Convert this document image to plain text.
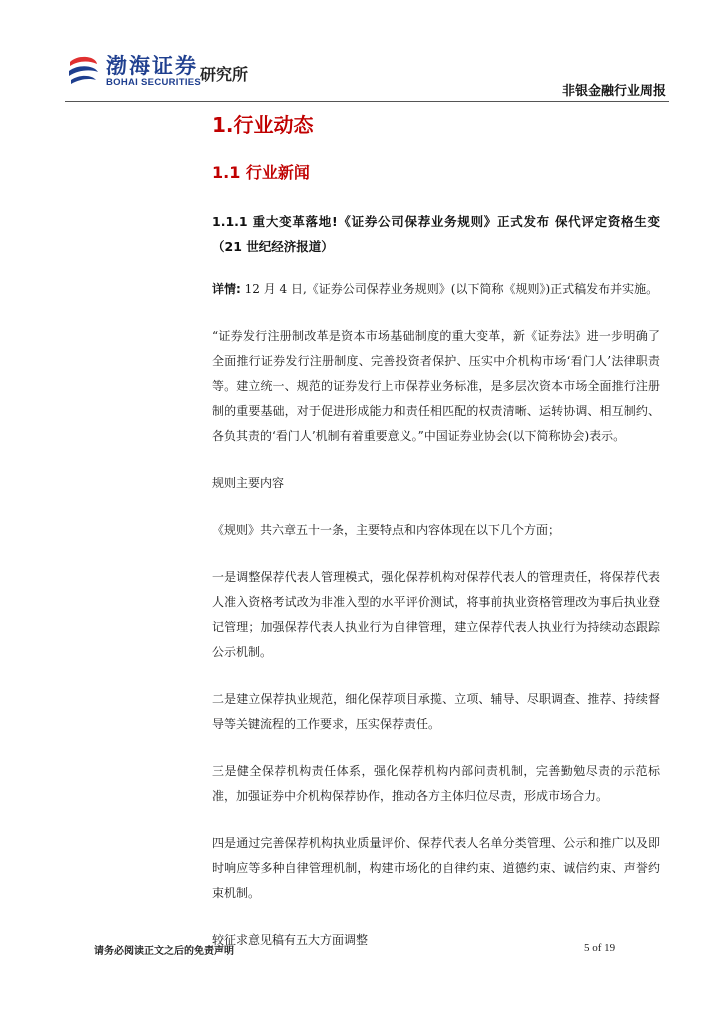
渤海证券
BOHAI SECURITIES
研究所
非银金融行业周报
1.行业动态
1.1 行业新闻
1.1.1 重大变革落地!《证券公司保荐业务规则》正式发布 保代评定资格生变（21 世纪经济报道）

详情: 12 月 4 日,《证券公司保荐业务规则》(以下简称《规则》)正式稿发布并实施。

“证券发行注册制改革是资本市场基础制度的重大变革，新《证券法》进一步明确了全面推行证券发行注册制度、完善投资者保护、压实中介机构市场‘看门人’法律职责等。建立统一、规范的证券发行上市保荐业务标准，是多层次资本市场全面推行注册制的重要基础，对于促进形成能力和责任相匹配的权责清晰、运转协调、相互制约、各负其责的‘看门人’机制有着重要意义。”中国证券业协会(以下简称协会)表示。

规则主要内容

《规则》共六章五十一条，主要特点和内容体现在以下几个方面；

一是调整保荐代表人管理模式，强化保荐机构对保荐代表人的管理责任，将保荐代表人准入资格考试改为非准入型的水平评价测试，将事前执业资格管理改为事后执业登记管理；加强保荐代表人执业行为自律管理，建立保荐代表人执业行为持续动态跟踪公示机制。

二是建立保荐执业规范，细化保荐项目承揽、立项、辅导、尽职调查、推荐、持续督导等关键流程的工作要求，压实保荐责任。

三是健全保荐机构责任体系，强化保荐机构内部问责机制，完善勤勉尽责的示范标准，加强证券中介机构保荐协作，推动各方主体归位尽责，形成市场合力。

四是通过完善保荐机构执业质量评价、保荐代表人名单分类管理、公示和推广以及即时响应等多种自律管理机制，构建市场化的自律约束、道德约束、诚信约束、声誉约束机制。

较征求意见稿有五大方面调整

请务必阅读正文之后的免责声明	5 of 19
